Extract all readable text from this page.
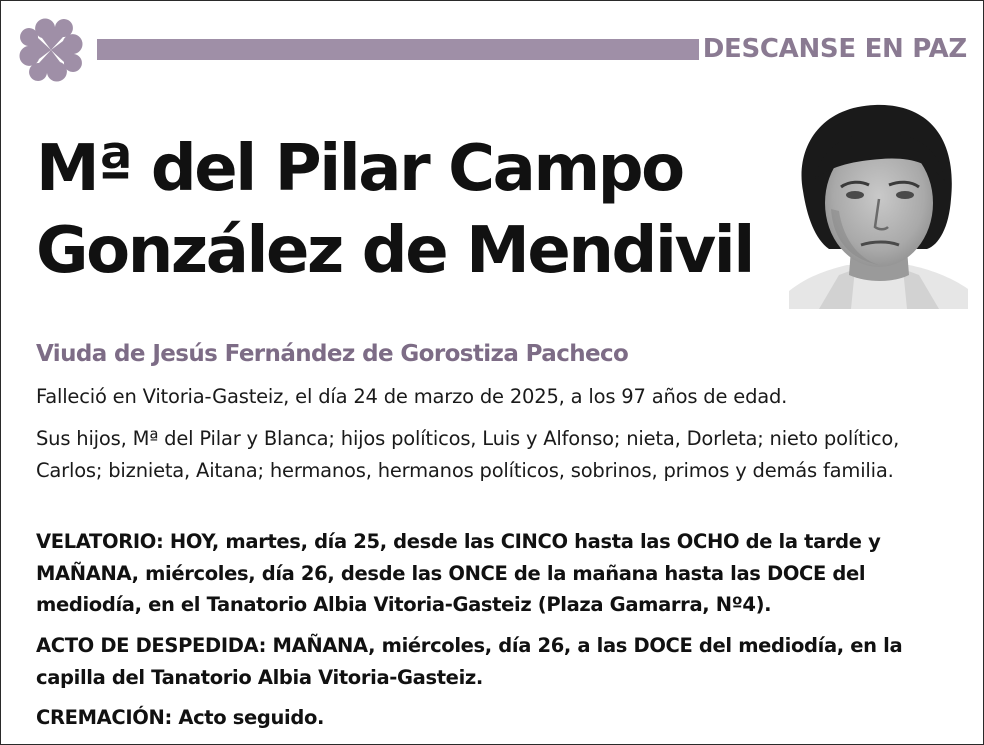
DESCANSE EN PAZ
Mª del Pilar Campo
González de Mendivil
Viuda de Jesús Fernández de Gorostiza Pacheco
Falleció en Vitoria-Gasteiz, el día 24 de marzo de 2025, a los 97 años de edad.
Sus hijos, Mª del Pilar y Blanca; hijos políticos, Luis y Alfonso; nieta, Dorleta; nieto político, Carlos; biznieta, Aitana; hermanos, hermanos políticos, sobrinos, primos y demás familia.
VELATORIO: HOY, martes, día 25, desde las CINCO hasta las OCHO de la tarde y MAÑANA, miércoles, día 26, desde las ONCE de la mañana hasta las DOCE del mediodía, en el Tanatorio Albia Vitoria-Gasteiz (Plaza Gamarra, Nº4).
ACTO DE DESPEDIDA: MAÑANA, miércoles, día 26, a las DOCE del mediodía, en la capilla del Tanatorio Albia Vitoria-Gasteiz.
CREMACIÓN: Acto seguido.
